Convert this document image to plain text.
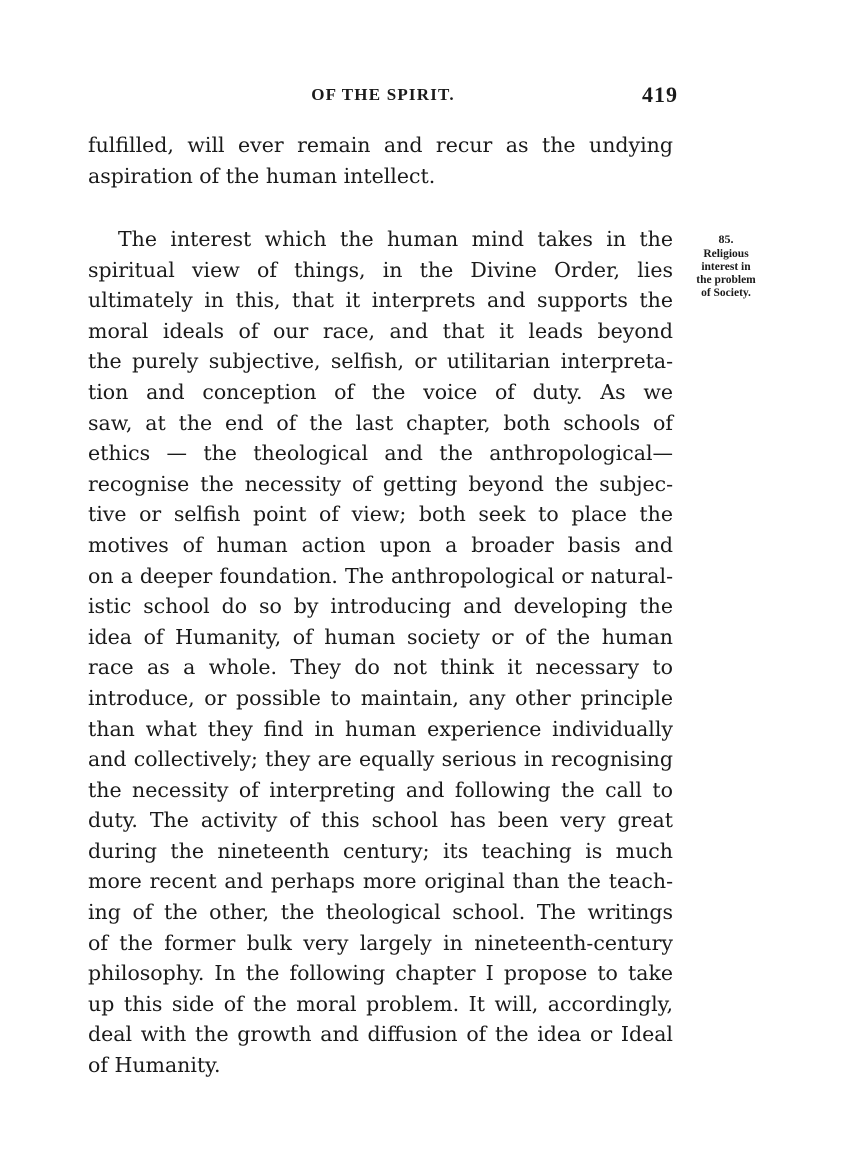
OF THE SPIRIT.	419
fulfilled, will ever remain and recur as the undying
aspiration of the human intellect.
85.
Religious
interest in
the problem
of Society.
The interest which the human mind takes in the
spiritual view of things, in the Divine Order, lies
ultimately in this, that it interprets and supports the
moral ideals of our race, and that it leads beyond
the purely subjective, selfish, or utilitarian interpreta-
tion and conception of the voice of duty. As we
saw, at the end of the last chapter, both schools of
ethics — the theological and the anthropological—
recognise the necessity of getting beyond the subjec-
tive or selfish point of view; both seek to place the
motives of human action upon a broader basis and
on a deeper foundation. The anthropological or natural-
istic school do so by introducing and developing the
idea of Humanity, of human society or of the human
race as a whole. They do not think it necessary to
introduce, or possible to maintain, any other principle
than what they find in human experience individually
and collectively; they are equally serious in recognising
the necessity of interpreting and following the call to
duty. The activity of this school has been very great
during the nineteenth century; its teaching is much
more recent and perhaps more original than the teach-
ing of the other, the theological school. The writings
of the former bulk very largely in nineteenth-century
philosophy. In the following chapter I propose to take
up this side of the moral problem. It will, accordingly,
deal with the growth and diffusion of the idea or Ideal
of Humanity.
